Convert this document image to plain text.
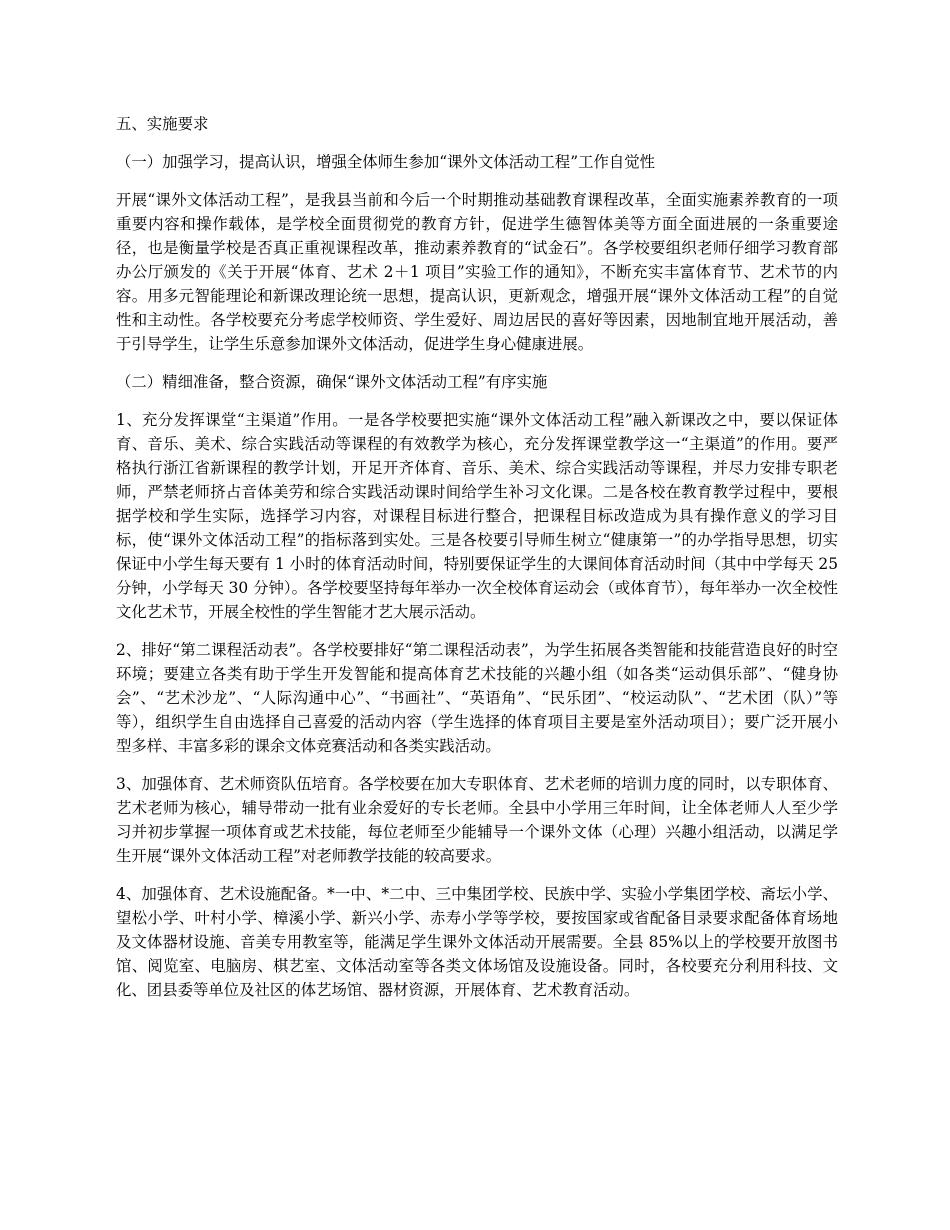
五、实施要求

（一）加强学习，提高认识，增强全体师生参加“课外文体活动工程”工作自觉性

开展“课外文体活动工程”，是我县当前和今后一个时期推动基础教育课程改革，全面实施素养教育的一项重要内容和操作载体，是学校全面贯彻党的教育方针，促进学生德智体美等方面全面进展的一条重要途径，也是衡量学校是否真正重视课程改革，推动素养教育的“试金石”。各学校要组织老师仔细学习教育部办公厅颁发的《关于开展“体育、艺术 2＋1 项目”实验工作的通知》，不断充实丰富体育节、艺术节的内容。用多元智能理论和新课改理论统一思想，提高认识，更新观念，增强开展“课外文体活动工程”的自觉性和主动性。各学校要充分考虑学校师资、学生爱好、周边居民的喜好等因素，因地制宜地开展活动，善于引导学生，让学生乐意参加课外文体活动，促进学生身心健康进展。

（二）精细准备，整合资源，确保“课外文体活动工程”有序实施

1、充分发挥课堂“主渠道”作用。一是各学校要把实施“课外文体活动工程”融入新课改之中，要以保证体育、音乐、美术、综合实践活动等课程的有效教学为核心，充分发挥课堂教学这一“主渠道”的作用。要严格执行浙江省新课程的教学计划，开足开齐体育、音乐、美术、综合实践活动等课程，并尽力安排专职老师，严禁老师挤占音体美劳和综合实践活动课时间给学生补习文化课。二是各校在教育教学过程中，要根据学校和学生实际，选择学习内容，对课程目标进行整合，把课程目标改造成为具有操作意义的学习目标，使“课外文体活动工程”的指标落到实处。三是各校要引导师生树立“健康第一”的办学指导思想，切实保证中小学生每天要有 1 小时的体育活动时间，特别要保证学生的大课间体育活动时间（其中中学每天 25 分钟，小学每天 30 分钟）。各学校要坚持每年举办一次全校体育运动会（或体育节），每年举办一次全校性文化艺术节，开展全校性的学生智能才艺大展示活动。

2、排好“第二课程活动表”。各学校要排好“第二课程活动表”，为学生拓展各类智能和技能营造良好的时空环境；要建立各类有助于学生开发智能和提高体育艺术技能的兴趣小组（如各类“运动俱乐部”、“健身协会”、“艺术沙龙”、“人际沟通中心”、“书画社”、“英语角”、“民乐团”、“校运动队”、“艺术团（队）”等等），组织学生自由选择自己喜爱的活动内容（学生选择的体育项目主要是室外活动项目）；要广泛开展小型多样、丰富多彩的课余文体竞赛活动和各类实践活动。

3、加强体育、艺术师资队伍培育。各学校要在加大专职体育、艺术老师的培训力度的同时，以专职体育、艺术老师为核心，辅导带动一批有业余爱好的专长老师。全县中小学用三年时间，让全体老师人人至少学习并初步掌握一项体育或艺术技能，每位老师至少能辅导一个课外文体（心理）兴趣小组活动，以满足学生开展“课外文体活动工程”对老师教学技能的较高要求。

4、加强体育、艺术设施配备。*一中、*二中、三中集团学校、民族中学、实验小学集团学校、斋坛小学、望松小学、叶村小学、樟溪小学、新兴小学、赤寿小学等学校，要按国家或省配备目录要求配备体育场地及文体器材设施、音美专用教室等，能满足学生课外文体活动开展需要。全县 85%以上的学校要开放图书馆、阅览室、电脑房、棋艺室、文体活动室等各类文体场馆及设施设备。同时，各校要充分利用科技、文化、团县委等单位及社区的体艺场馆、器材资源，开展体育、艺术教育活动。
